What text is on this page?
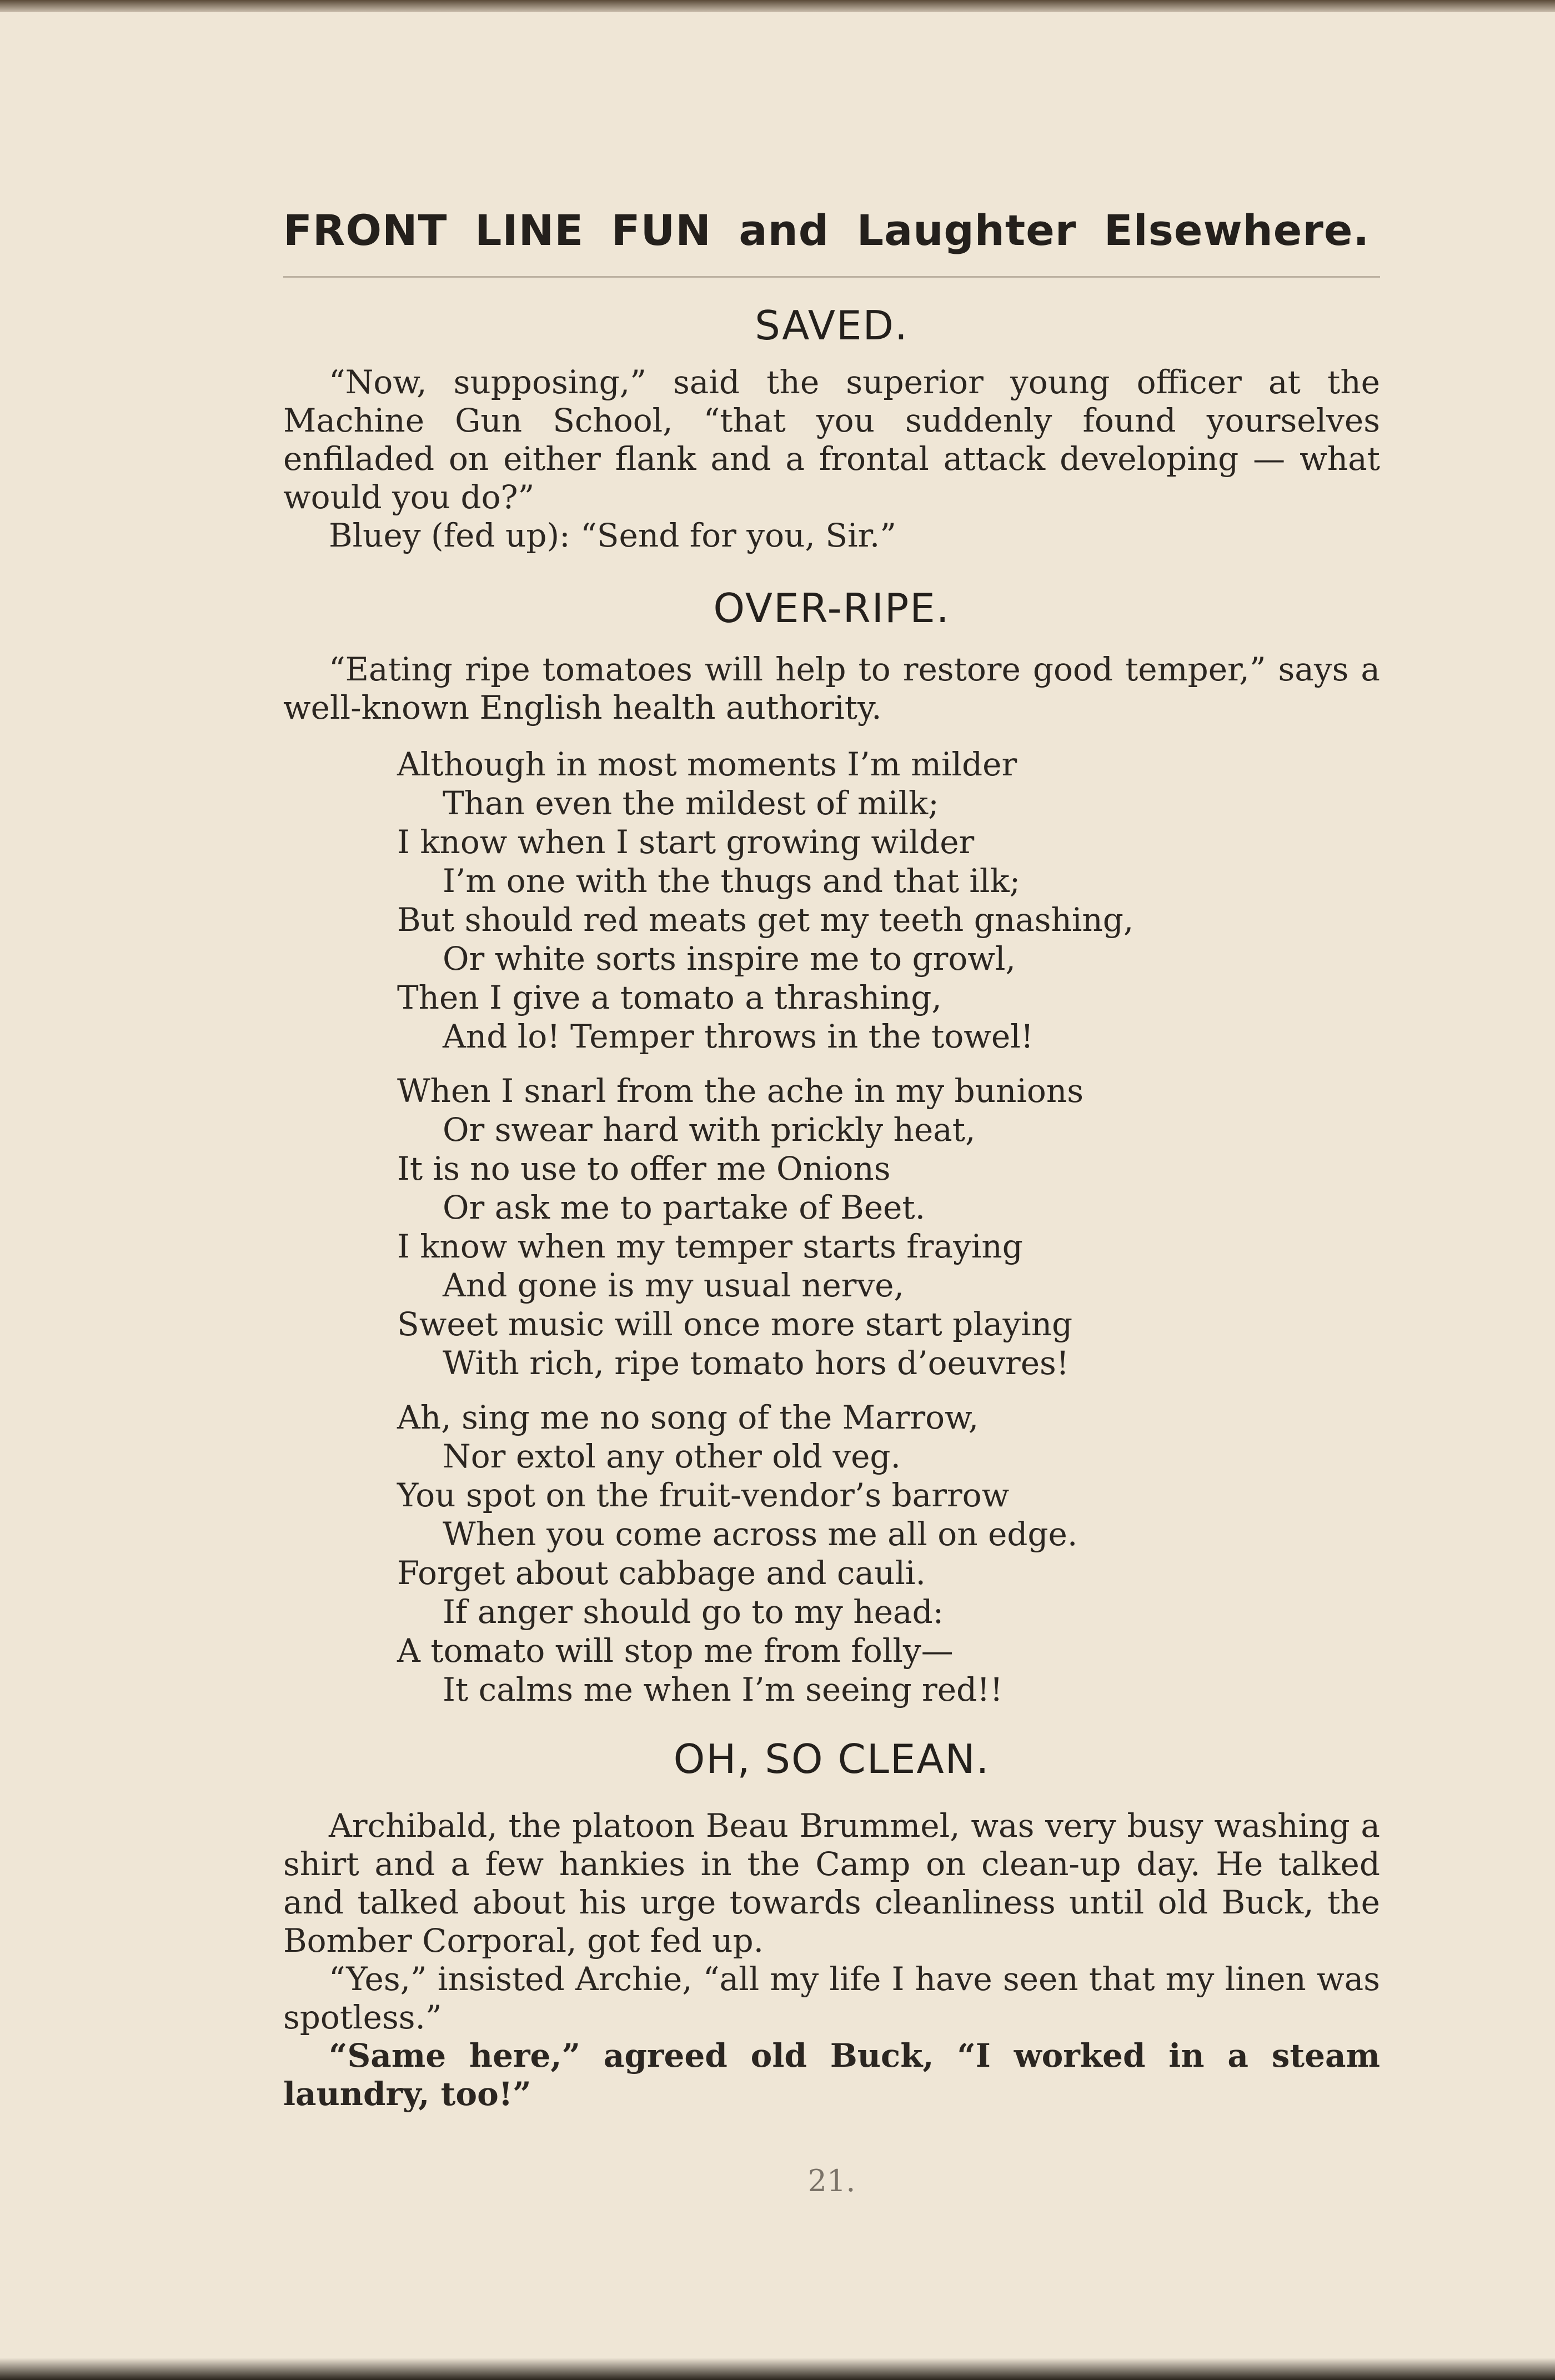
FRONT LINE FUN and Laughter Elsewhere.
SAVED.

“Now, supposing,” said the superior young officer at the Machine Gun School, “that you suddenly found yourselves enfiladed on either flank and a frontal attack developing — what would you do?”

Bluey (fed up): “Send for you, Sir.”

OVER-RIPE.

“Eating ripe tomatoes will help to restore good temper,” says a well-known English health authority.

Although in most moments I’m milder
Than even the mildest of milk;
I know when I start growing wilder
I’m one with the thugs and that ilk;
But should red meats get my teeth gnashing,
Or white sorts inspire me to growl,
Then I give a tomato a thrashing,
And lo! Temper throws in the towel!
When I snarl from the ache in my bunions
Or swear hard with prickly heat,
It is no use to offer me Onions
Or ask me to partake of Beet.
I know when my temper starts fraying
And gone is my usual nerve,
Sweet music will once more start playing
With rich, ripe tomato hors d’oeuvres!
Ah, sing me no song of the Marrow,
Nor extol any other old veg.
You spot on the fruit-vendor’s barrow
When you come across me all on edge.
Forget about cabbage and cauli.
If anger should go to my head:
A tomato will stop me from folly—
It calms me when I’m seeing red!!
OH, SO CLEAN.

Archibald, the platoon Beau Brummel, was very busy washing a shirt and a few hankies in the Camp on clean-up day. He talked and talked about his urge towards cleanliness until old Buck, the Bomber Corporal, got fed up.

“Yes,” insisted Archie, “all my life I have seen that my linen was spotless.”

“Same here,” agreed old Buck, “I worked in a steam laundry, too!”

21.
